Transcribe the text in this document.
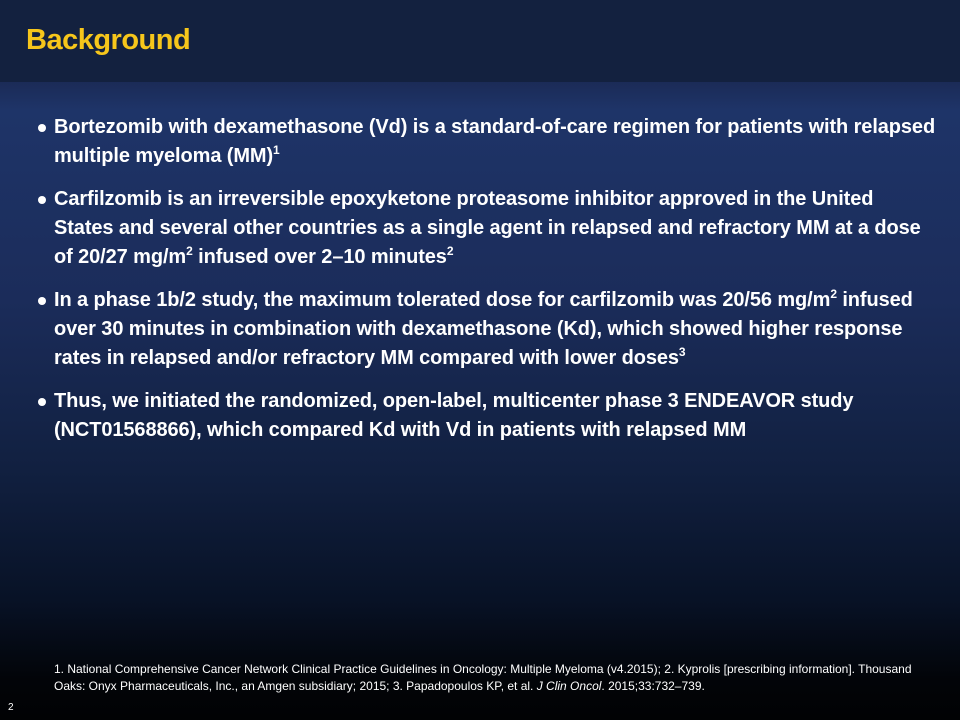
Background
Bortezomib with dexamethasone (Vd) is a standard-of-care regimen for patients with relapsed multiple myeloma (MM)$^1$
Carfilzomib is an irreversible epoxyketone proteasome inhibitor approved in the United States and several other countries as a single agent in relapsed and refractory MM at a dose of 20/27 $mg/m^2$ infused over 2–10 minutes$^2$
In a phase 1b/2 study, the maximum tolerated dose for carfilzomib was 20/56 $mg/m^2$ infused over 30 minutes in combination with dexamethasone (Kd), which showed higher response rates in relapsed and/or refractory MM compared with lower doses$^3$
Thus, we initiated the randomized, open-label, multicenter phase 3 ENDEAVOR study (NCT01568866), which compared Kd with Vd in patients with relapsed MM
1. National Comprehensive Cancer Network Clinical Practice Guidelines in Oncology: Multiple Myeloma (v4.2015); 2. Kyprolis [prescribing information]. Thousand Oaks: Onyx Pharmaceuticals, Inc., an Amgen subsidiary; 2015; 3. Papadopoulos KP, et al. J Clin Oncol. 2015;33:732–739.
2
